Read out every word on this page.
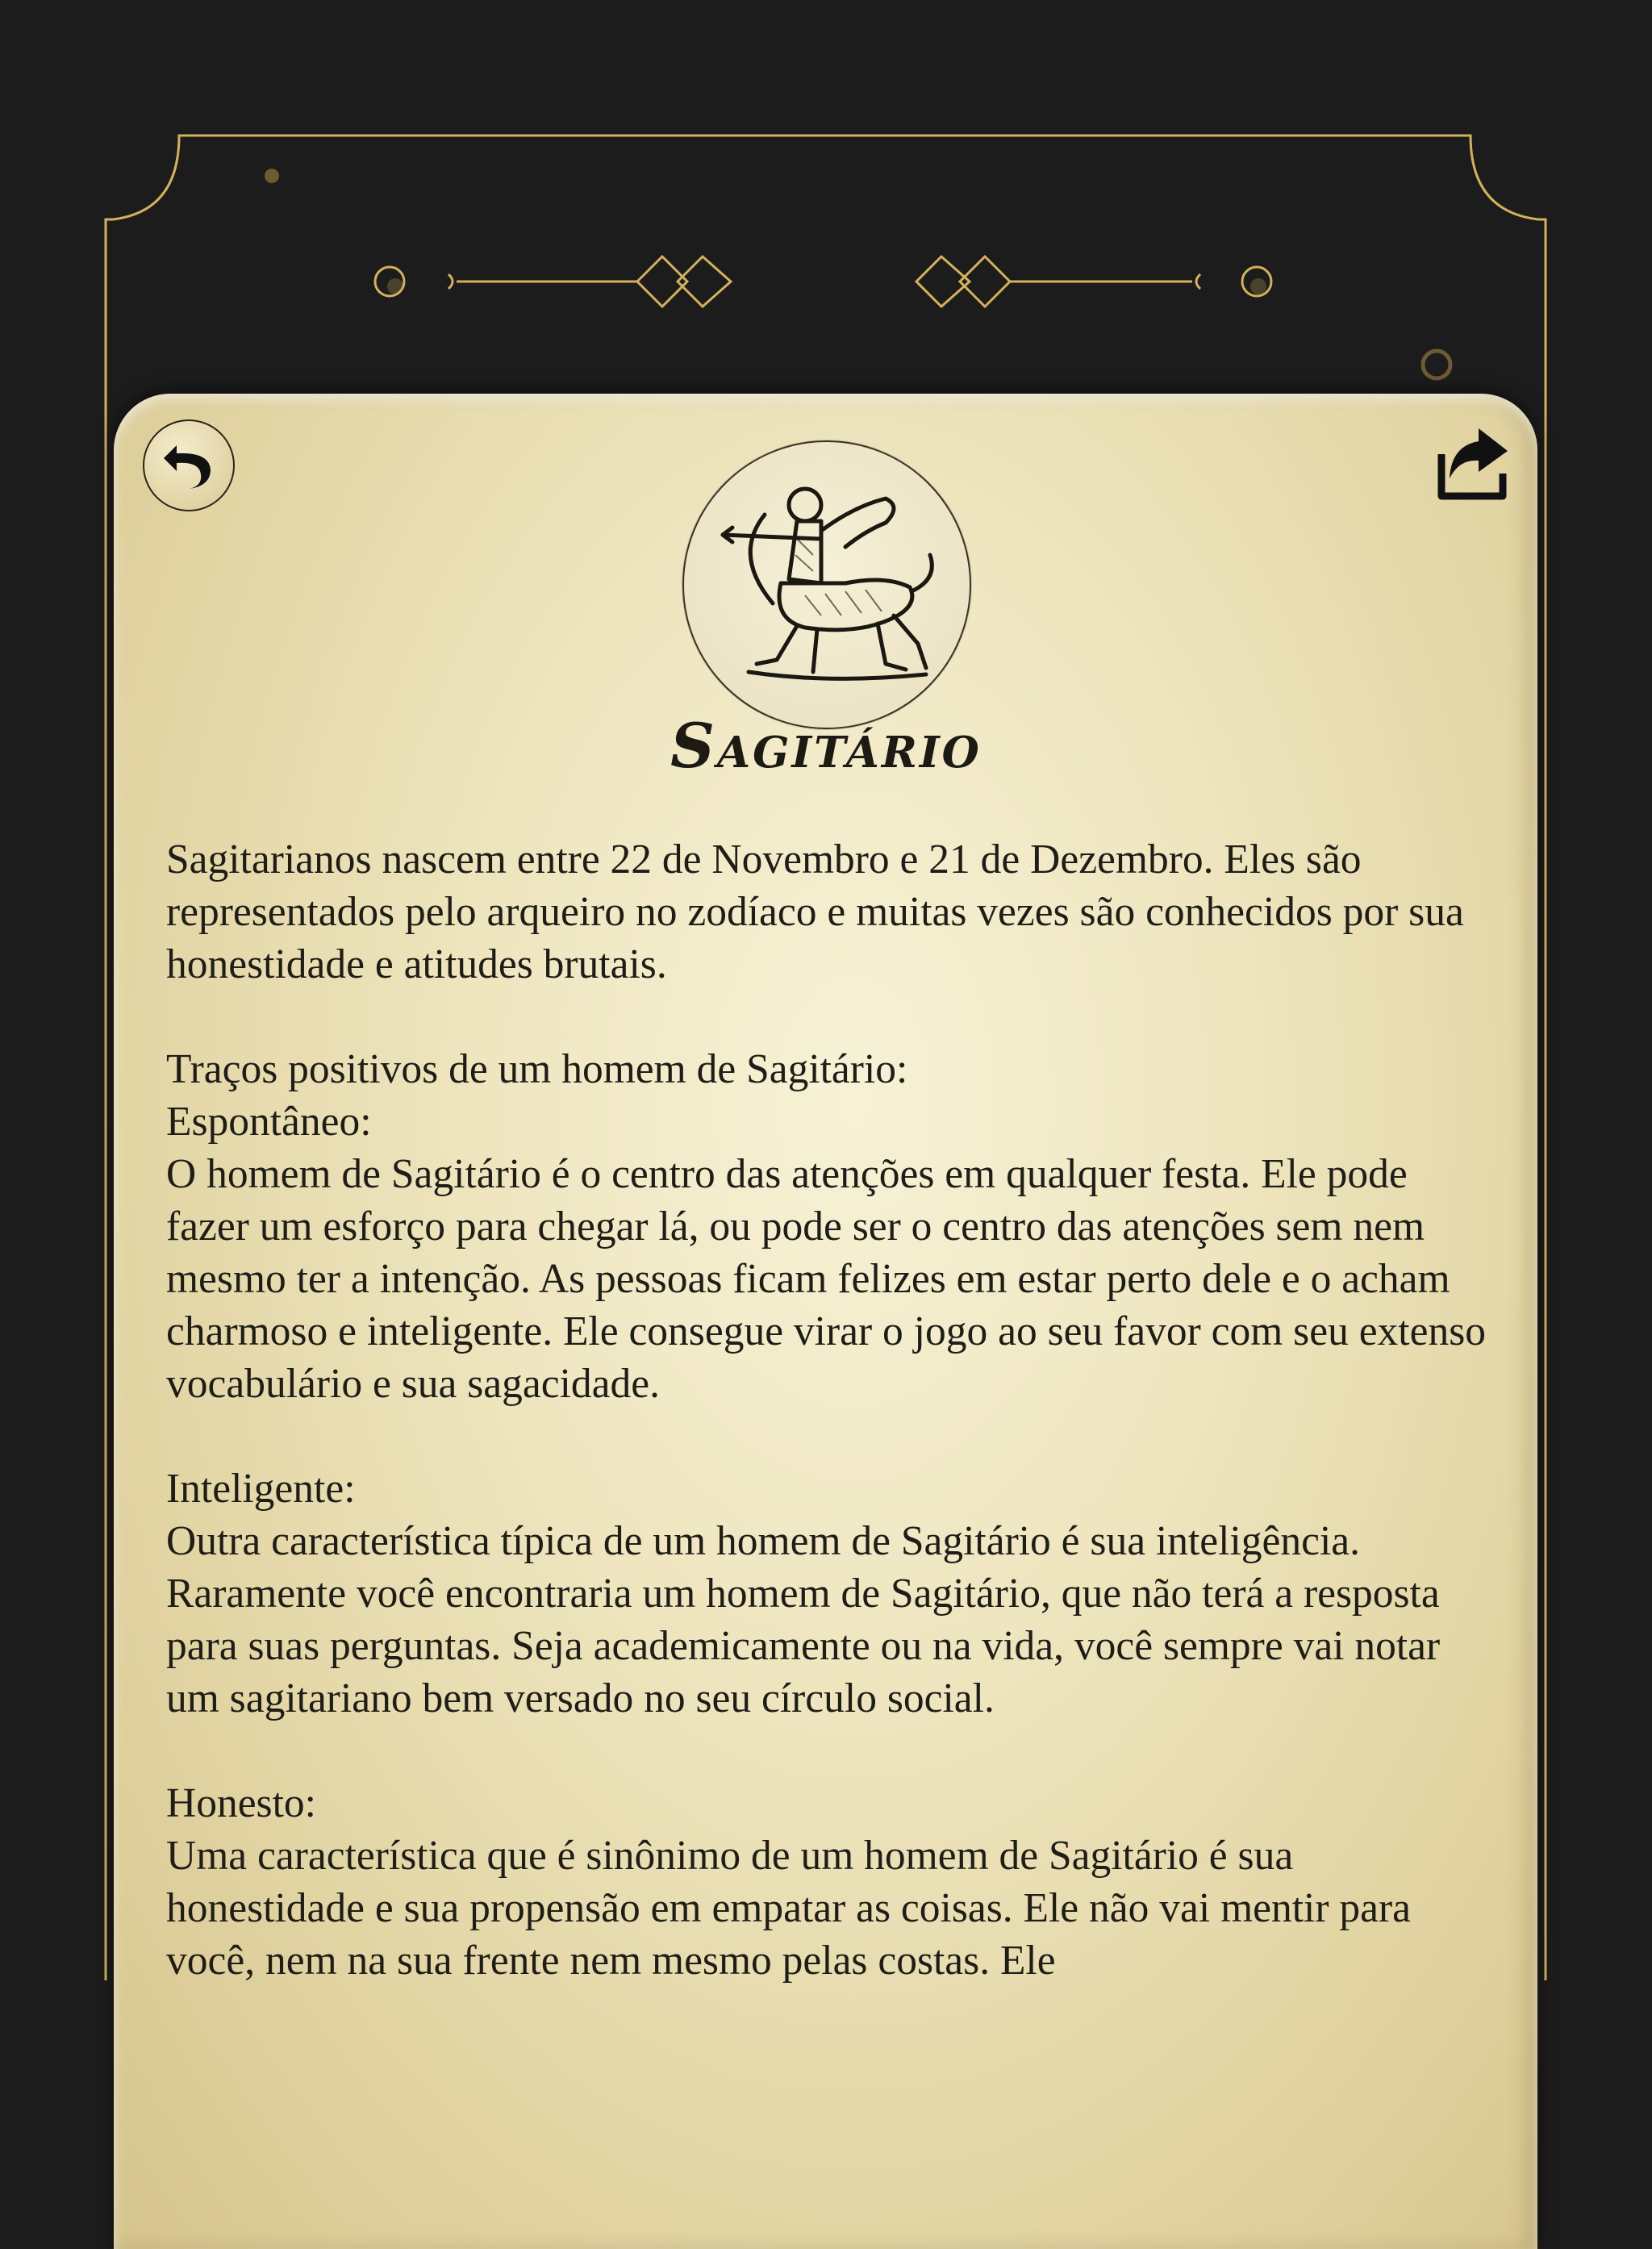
Sagitário

Sagitarianos nascem entre 22 de Novembro e 21 de Dezembro. Eles são representados pelo arqueiro no zodíaco e muitas vezes são conhecidos por sua honestidade e atitudes brutais.

Traços positivos de um homem de Sagitário:
Espontâneo:
O homem de Sagitário é o centro das atenções em qualquer festa. Ele pode fazer um esforço para chegar lá, ou pode ser o centro das atenções sem nem mesmo ter a intenção. As pessoas ficam felizes em estar perto dele e o acham charmoso e inteligente. Ele consegue virar o jogo ao seu favor com seu extenso vocabulário e sua sagacidade.

Inteligente:
Outra característica típica de um homem de Sagitário é sua inteligência. Raramente você encontraria um homem de Sagitário, que não terá a resposta para suas perguntas. Seja academicamente ou na vida, você sempre vai notar um sagitariano bem versado no seu círculo social.

Honesto:
Uma característica que é sinônimo de um homem de Sagitário é sua honestidade e sua propensão em empatar as coisas. Ele não vai mentir para você, nem na sua frente nem mesmo pelas costas. Ele
